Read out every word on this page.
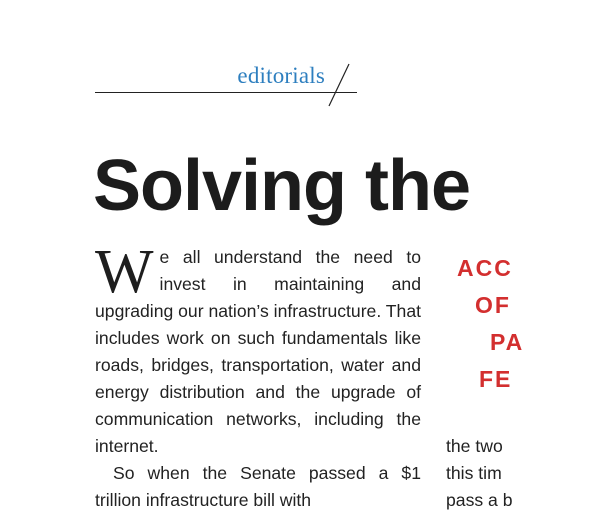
editorials
Solving the

We all understand the need to invest in maintaining and upgrading our nation’s infrastructure. That includes work on such fundamentals like roads, bridges, transportation, water and energy distribution and the upgrade of communication networks, including the internet.

So when the Senate passed a $1 trillion infrastructure bill with

ACC
OF
PA
FE
the two
this tim
pass a b
